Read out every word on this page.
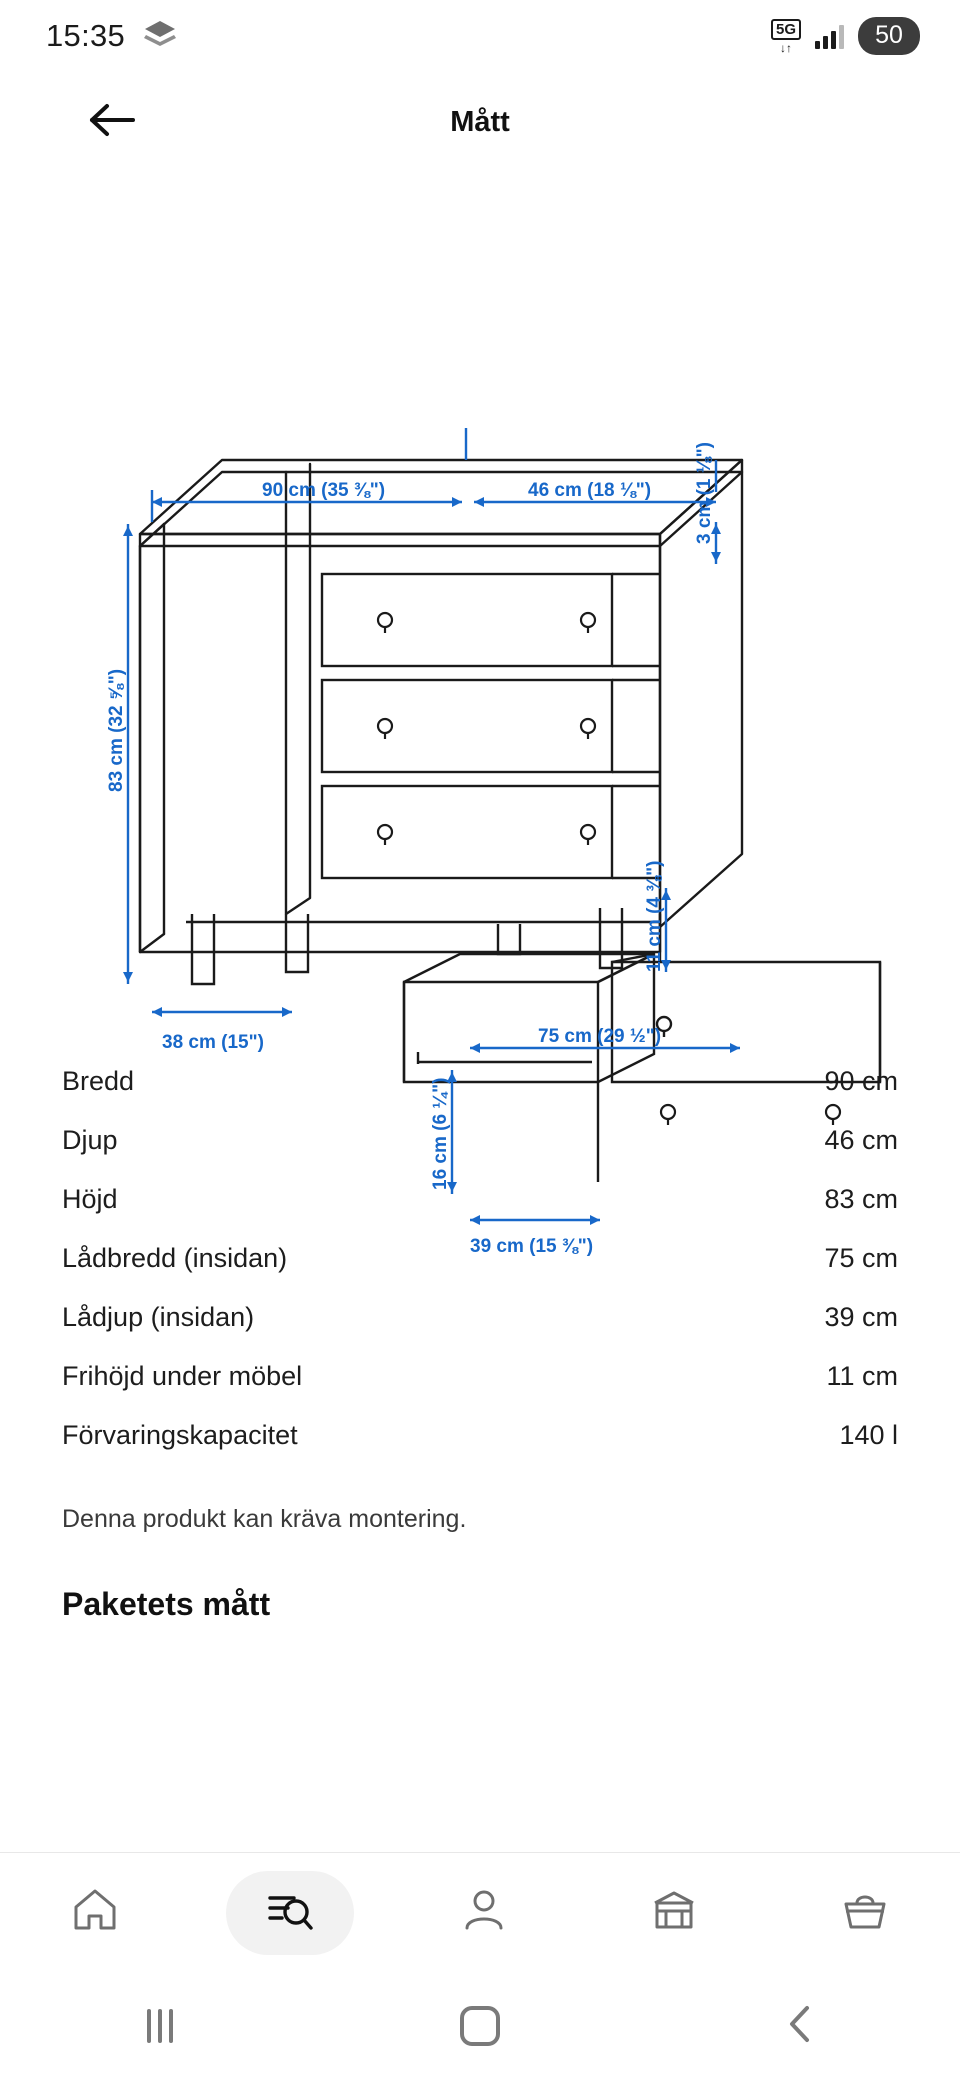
15:35	5G
↓↑	50
Mått
90 cm (35 ⅜")	46 cm (18 ⅛") 3 cm (1 ⅛")
83 cm (32 ⅝")
38 cm (15")
11 cm (4 ⅜")
75 cm (29 ½")
16 cm (6 ¼")
39 cm (15 ⅜")
Bredd	90 cm
Djup	46 cm
Höjd	83 cm
Lådbredd (insidan)	75 cm
Lådjup (insidan)	39 cm
Frihöjd under möbel	11 cm
Förvaringskapacitet	140 l
Denna produkt kan kräva montering.
Paketets mått
